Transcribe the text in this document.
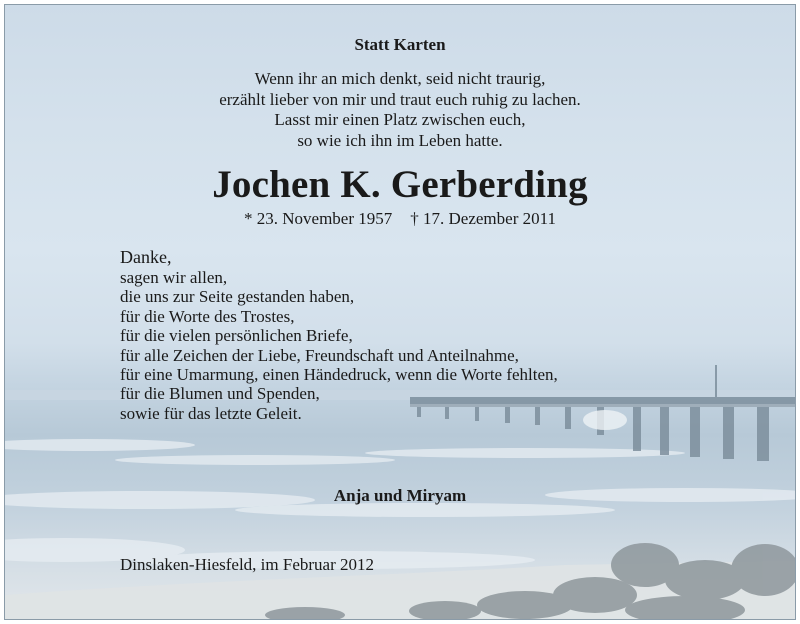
Statt Karten
Wenn ihr an mich denkt, seid nicht traurig,
erzählt lieber von mir und traut euch ruhig zu lachen.
Lasst mir einen Platz zwischen euch,
so wie ich ihn im Leben hatte.
Jochen K. Gerberding
* 23. November 1957 † 17. Dezember 2011
Danke,
sagen wir allen,
die uns zur Seite gestanden haben,
für die Worte des Trostes,
für die vielen persönlichen Briefe,
für alle Zeichen der Liebe, Freundschaft und Anteilnahme,
für eine Umarmung, einen Händedruck, wenn die Worte fehlten,
für die Blumen und Spenden,
sowie für das letzte Geleit.
Anja und Miryam
Dinslaken-Hiesfeld, im Februar 2012
